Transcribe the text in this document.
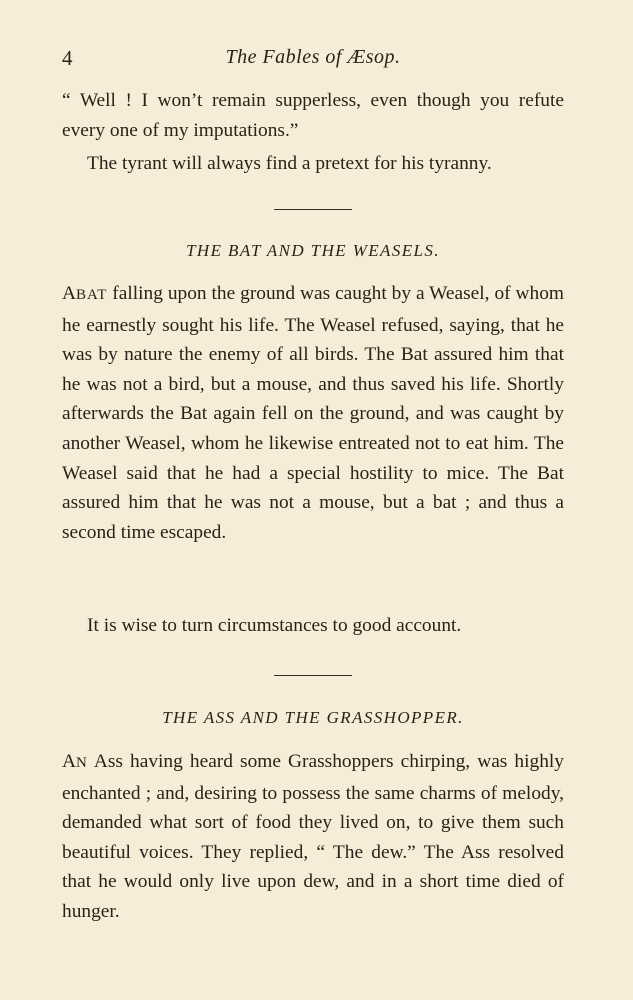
4	The Fables of Æsop.
“ Well ! I won’t remain supperless, even though you refute every one of my imputations.”
The tyrant will always find a pretext for his tyranny.
THE BAT AND THE WEASELS.
ABAT falling upon the ground was caught by a Weasel, of whom he earnestly sought his life. The Weasel refused, saying, that he was by nature the enemy of all birds. The Bat assured him that he was not a bird, but a mouse, and thus saved his life. Shortly afterwards the Bat again fell on the ground, and was caught by another Weasel, whom he likewise entreated not to eat him. The Weasel said that he had a special hostility to mice. The Bat assured him that he was not a mouse, but a bat ; and thus a second time escaped.
It is wise to turn circumstances to good account.
THE ASS AND THE GRASSHOPPER.
AN Ass having heard some Grasshoppers chirping, was highly enchanted ; and, desiring to possess the same charms of melody, demanded what sort of food they lived on, to give them such beautiful voices. They replied, “ The dew.” The Ass resolved that he would only live upon dew, and in a short time died of hunger.
